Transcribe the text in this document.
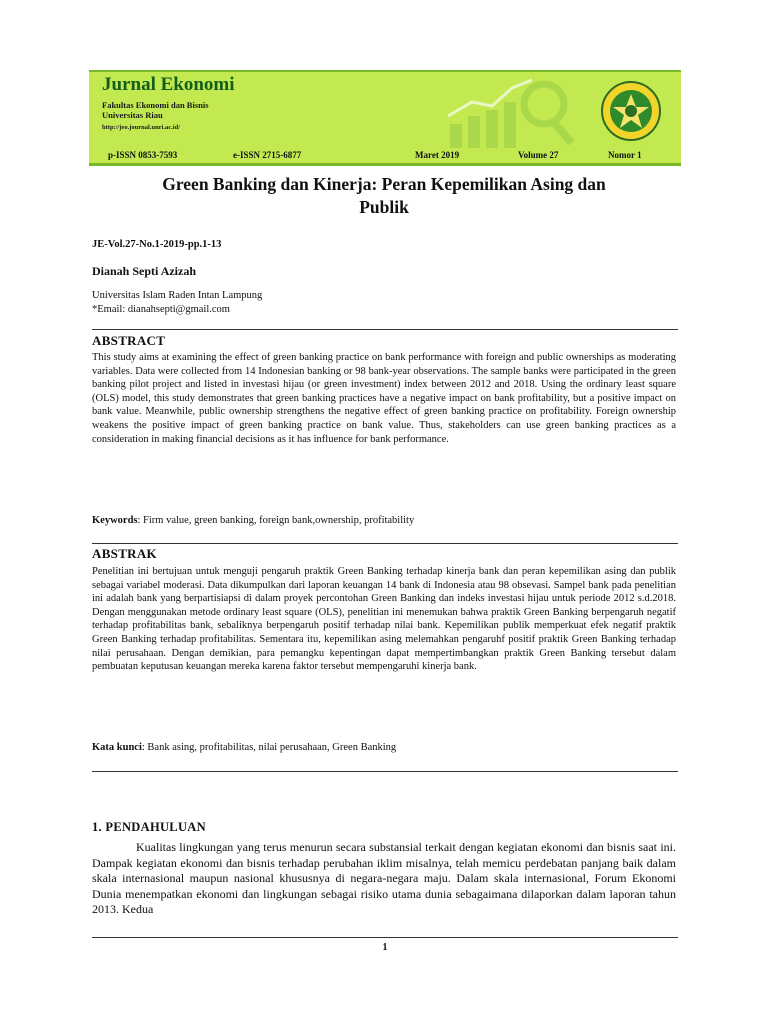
Jurnal Ekonomi
Fakultas Ekonomi dan Bisnis
Universitas Riau
http://jeo.journal.unri.ac.id/
p-ISSN 0853-7593	e-ISSN 2715-6877	Maret 2019	Volume 27	Nomor 1
Green Banking dan Kinerja: Peran Kepemilikan Asing dan
Publik
JE-Vol.27-No.1-2019-pp.1-13
Dianah Septi Azizah
Universitas Islam Raden Intan Lampung
*Email: dianahsepti@gmail.com
ABSTRACT

This study aims at examining the effect of green banking practice on bank performance with foreign and public ownerships as moderating variables. Data were collected from 14 Indonesian banking or 98 bank-year observations. The sample banks were participated in the green banking pilot project and listed in investasi hijau (or green investment) index between 2012 and 2018. Using the ordinary least square (OLS) model, this study demonstrates that green banking practices have a negative impact on bank profitability, but a positive impact on bank value. Meanwhile, public ownership strengthens the negative effect of green banking practice on profitability. Foreign ownership weakens the positive impact of green banking practice on bank value. Thus, stakeholders can use green banking practices as a consideration in making financial decisions as it has influence for bank performance.

Keywords: Firm value, green banking, foreign bank,ownership, profitability
ABSTRAK

Penelitian ini bertujuan untuk menguji pengaruh praktik Green Banking terhadap kinerja bank dan peran kepemilikan asing dan publik sebagai variabel moderasi. Data dikumpulkan dari laporan keuangan 14 bank di Indonesia atau 98 obsevasi. Sampel bank pada penelitian ini adalah bank yang berpartisiapsi di dalam proyek percontohan Green Banking dan indeks investasi hijau untuk periode 2012 s.d.2018. Dengan menggunakan metode ordinary least square (OLS), penelitian ini menemukan bahwa praktik Green Banking berpengaruh negatif terhadap profitabilitas bank, sebaliknya berpengaruh positif terhadap nilai bank. Kepemilikan publik memperkuat efek negatif praktik Green Banking terhadap profitabilitas. Sementara itu, kepemilikan asing melemahkan pengaruhf positif praktik Green Banking terhadap nilai perusahaan. Dengan demikian, para pemangku kepentingan dapat mempertimbangkan praktik Green Banking tersebut dalam pembuatan keputusan keuangan mereka karena faktor tersebut mempengaruhi kinerja bank.

Kata kunci: Bank asing, profitabilitas, nilai perusahaan, Green Banking
1. PENDAHULUAN

Kualitas lingkungan yang terus menurun secara substansial terkait dengan kegiatan ekonomi dan bisnis saat ini. Dampak kegiatan ekonomi dan bisnis terhadap perubahan iklim misalnya, telah memicu perdebatan panjang baik dalam skala internasional maupun nasional khususnya di negara-negara maju. Dalam skala internasional, Forum Ekonomi Dunia menempatkan ekonomi dan lingkungan sebagai risiko utama dunia sebagaimana dilaporkan dalam laporan tahun 2013. Kedua

1
